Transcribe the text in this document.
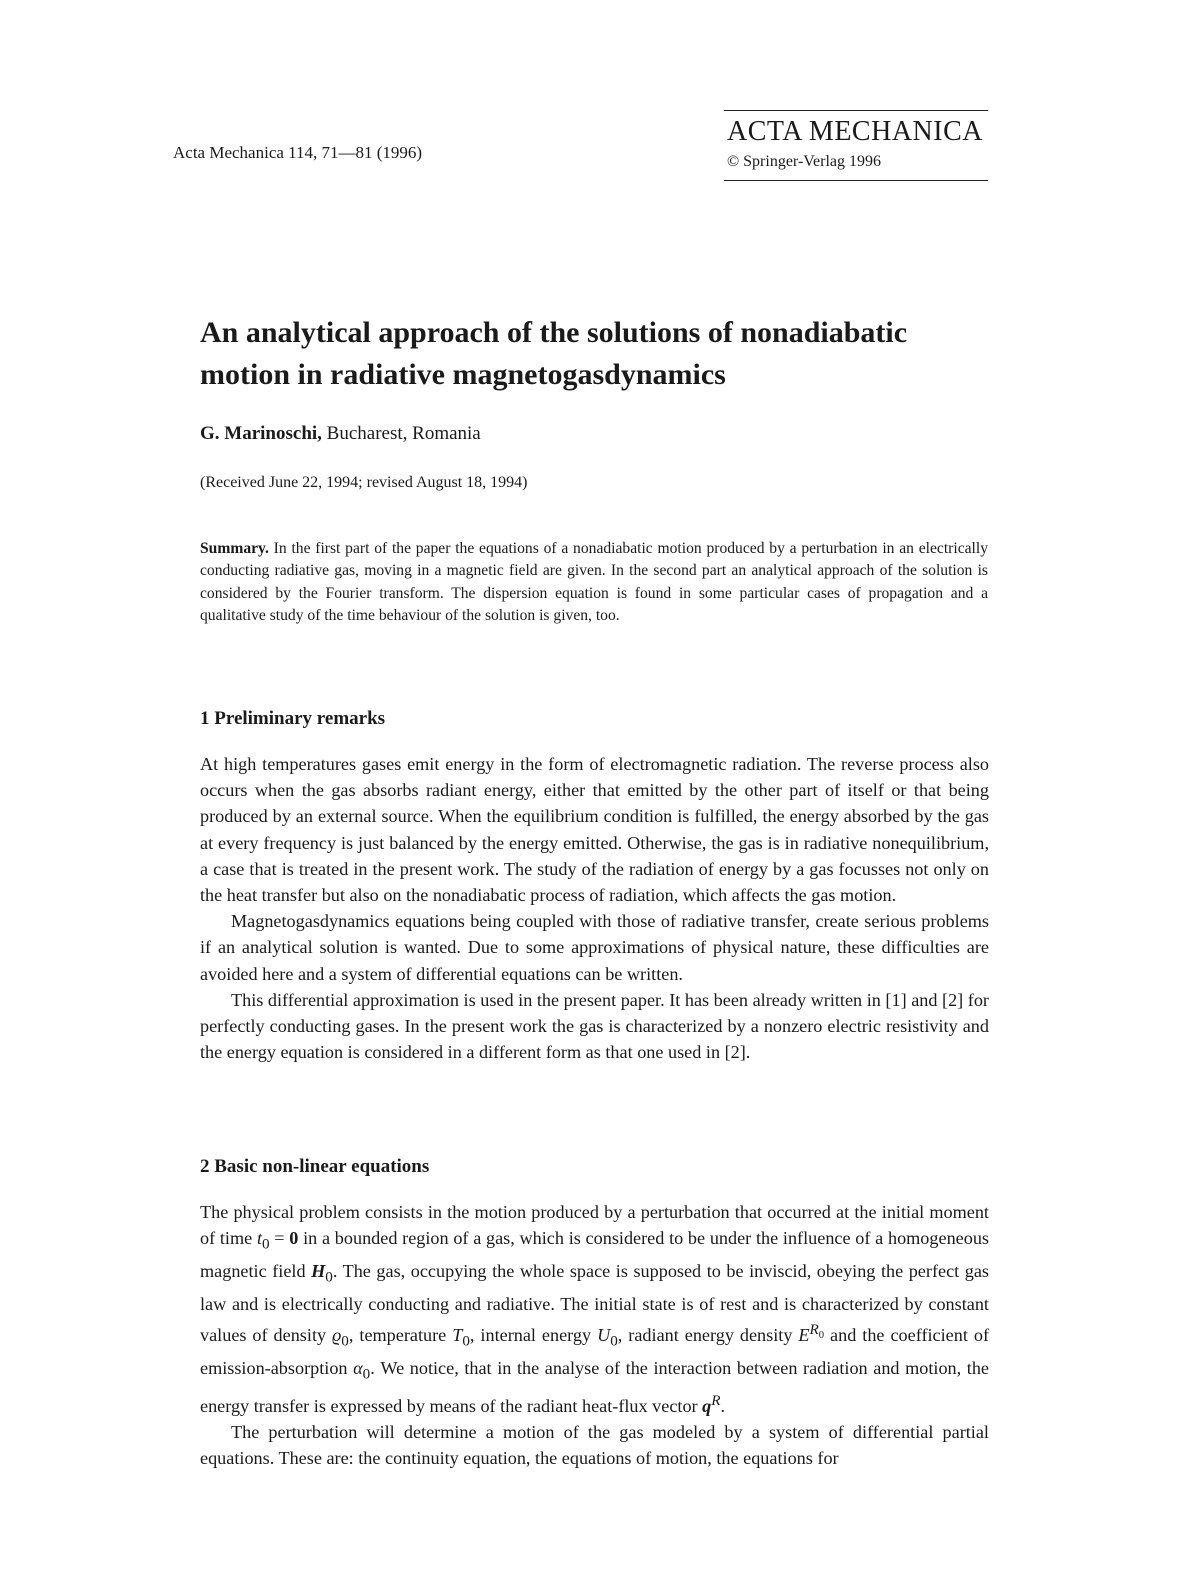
Acta Mechanica 114, 71—81 (1996)
ACTA MECHANICA
© Springer-Verlag 1996
An analytical approach of the solutions of nonadiabatic motion in radiative magnetogasdynamics
G. Marinoschi, Bucharest, Romania
(Received June 22, 1994; revised August 18, 1994)

Summary. In the first part of the paper the equations of a nonadiabatic motion produced by a perturbation in an electrically conducting radiative gas, moving in a magnetic field are given. In the second part an analytical approach of the solution is considered by the Fourier transform. The dispersion equation is found in some particular cases of propagation and a qualitative study of the time behaviour of the solution is given, too.

1 Preliminary remarks

At high temperatures gases emit energy in the form of electromagnetic radiation. The reverse process also occurs when the gas absorbs radiant energy, either that emitted by the other part of itself or that being produced by an external source. When the equilibrium condition is fulfilled, the energy absorbed by the gas at every frequency is just balanced by the energy emitted. Otherwise, the gas is in radiative nonequilibrium, a case that is treated in the present work. The study of the radiation of energy by a gas focusses not only on the heat transfer but also on the nonadiabatic process of radiation, which affects the gas motion.

Magnetogasdynamics equations being coupled with those of radiative transfer, create serious problems if an analytical solution is wanted. Due to some approximations of physical nature, these difficulties are avoided here and a system of differential equations can be written.

This differential approximation is used in the present paper. It has been already written in [1] and [2] for perfectly conducting gases. In the present work the gas is characterized by a nonzero electric resistivity and the energy equation is considered in a different form as that one used in [2].

2 Basic non-linear equations

The physical problem consists in the motion produced by a perturbation that occurred at the initial moment of time $t_0 = 0$ in a bounded region of a gas, which is considered to be under the influence of a homogeneous magnetic field $H_0$. The gas, occupying the whole space is supposed to be inviscid, obeying the perfect gas law and is electrically conducting and radiative. The initial state is of rest and is characterized by constant values of density $ϱ_0$, temperature $T_0$, internal energy $U_0$, radiant energy density $E^{R_0}$ and the coefficient of emission-absorption $\alpha_0$. We notice, that in the analyse of the interaction between radiation and motion, the energy transfer is expressed by means of the radiant heat-flux vector $q^R$.

The perturbation will determine a motion of the gas modeled by a system of differential partial equations. These are: the continuity equation, the equations of motion, the equations for
